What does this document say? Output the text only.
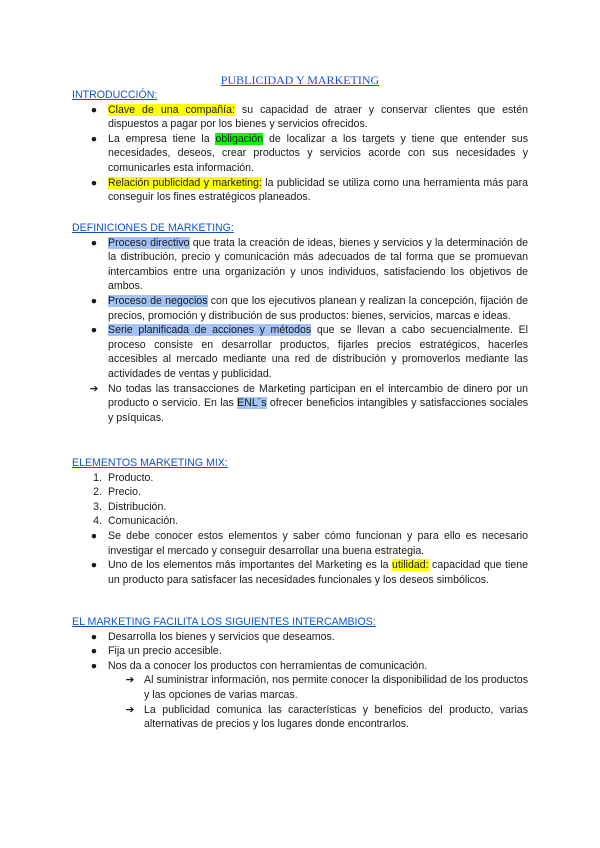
PUBLICIDAD Y MARKETING
INTRODUCCIÓN:
●	Clave de una compañía: su capacidad de atraer y conservar clientes que estén dispuestos a pagar por los bienes y servicios ofrecidos.
●	La empresa tiene la obligación de localizar a los targets y tiene que entender sus necesidades, deseos, crear productos y servicios acorde con sus necesidades y comunicarles esta información.
●	Relación publicidad y marketing: la publicidad se utiliza como una herramienta más para conseguir los fines estratégicos planeados.
DEFINICIONES DE MARKETING:
●	Proceso directivo que trata la creación de ideas, bienes y servicios y la determinación de la distribución, precio y comunicación más adecuados de tal forma que se promuevan intercambios entre una organización y unos individuos, satisfaciendo los objetivos de ambos.
●	Proceso de negocios con que los ejecutivos planean y realizan la concepción, fijación de precios, promoción y distribución de sus productos: bienes, servicios, marcas e ideas.
●	Serie planificada de acciones y métodos que se llevan a cabo secuencialmente. El proceso consiste en desarrollar productos, fijarles precios estratégicos, hacerles accesibles al mercado mediante una red de distribución y promoverlos mediante las actividades de ventas y publicidad.
➔ No todas las transacciones de Marketing participan en el intercambio de dinero por un producto o servicio. En las ENL´s ofrecer beneficios intangibles y satisfacciones sociales y psíquicas.
ELEMENTOS MARKETING MIX:
1. Producto.
2. Precio.
3. Distribución.
4. Comunicación.
●	Se debe conocer estos elementos y saber cómo funcionan y para ello es necesario investigar el mercado y conseguir desarrollar una buena estrategia.
●	Uno de los elementos más importantes del Marketing es la utilidad: capacidad que tiene un producto para satisfacer las necesidades funcionales y los deseos simbólicos.
EL MARKETING FACILITA LOS SIGUIENTES INTERCAMBIOS:
●	Desarrolla los bienes y servicios que deseamos.
●	Fija un precio accesible.
●	Nos da a conocer los productos con herramientas de comunicación.
➔ Al suministrar información, nos permite conocer la disponibilidad de los productos y las opciones de varias marcas.
➔ La publicidad comunica las características y beneficios del producto, varias alternativas de precios y los lugares donde encontrarlos.
